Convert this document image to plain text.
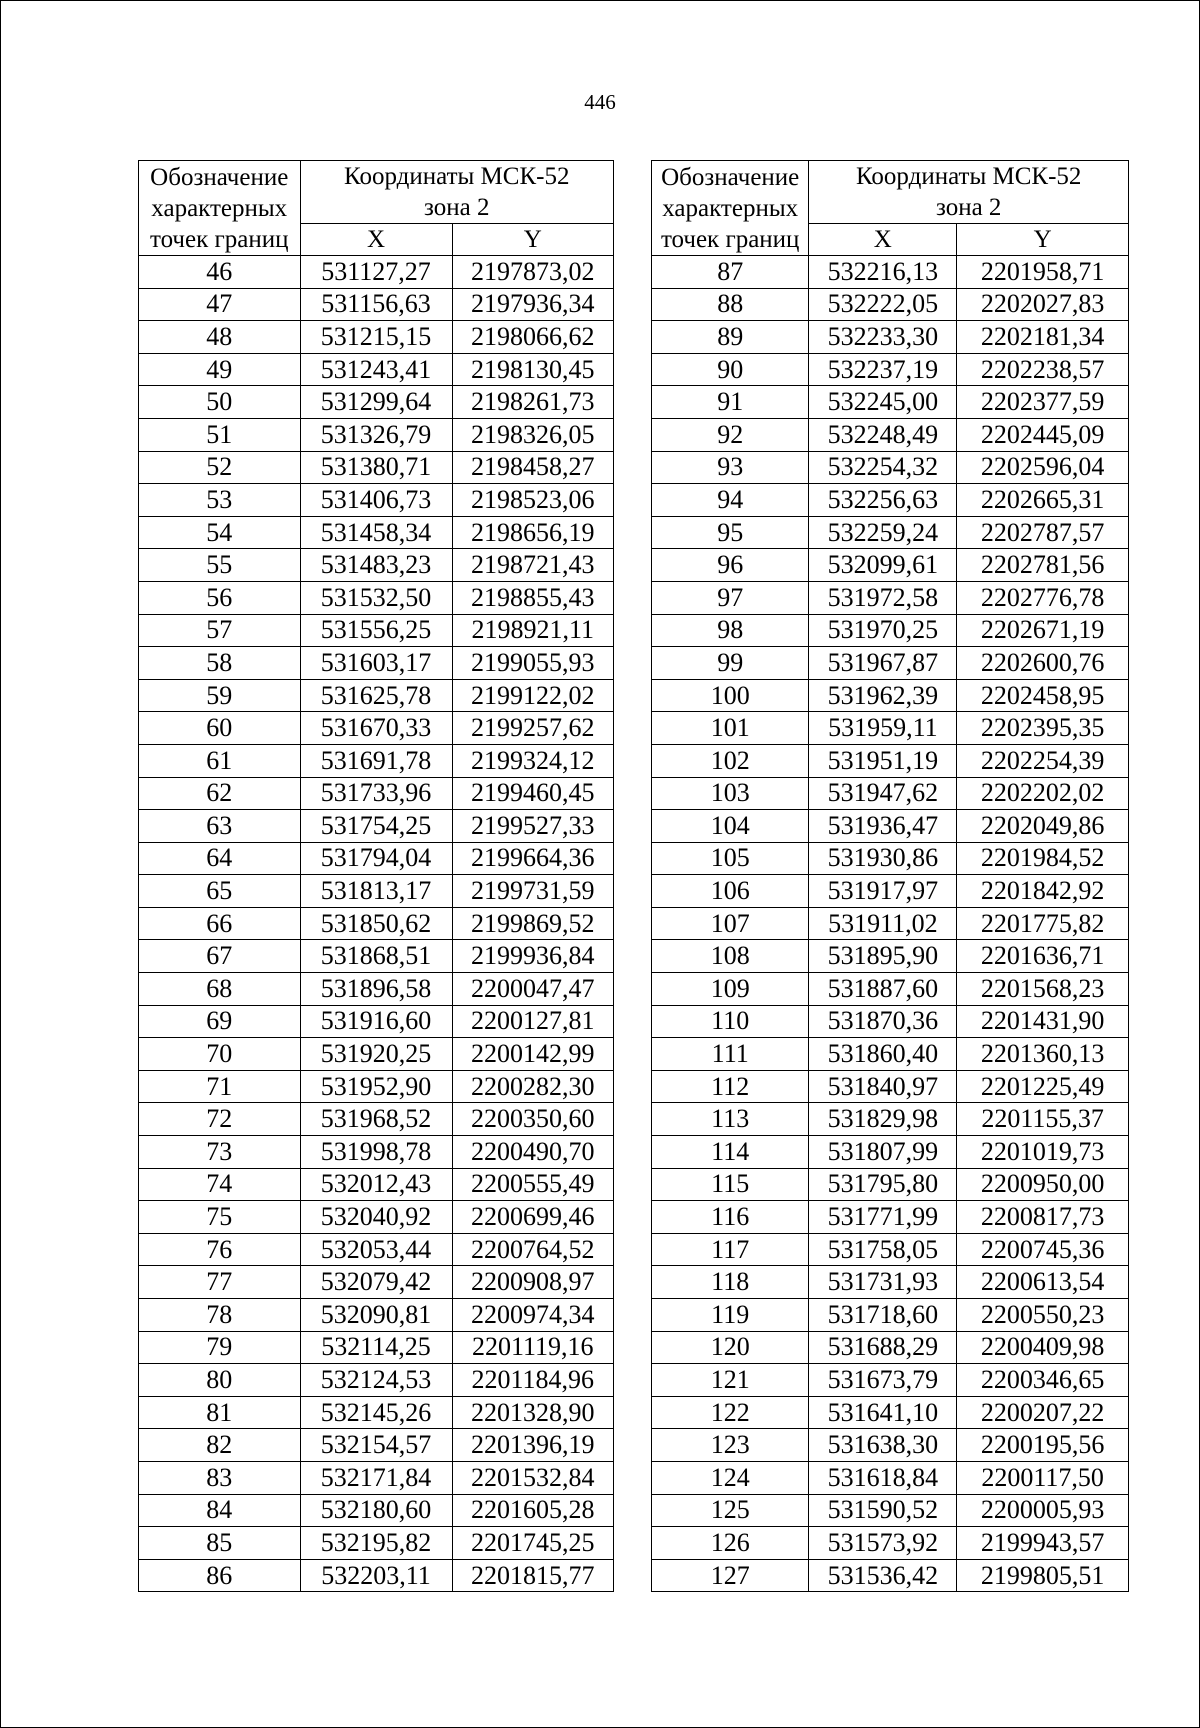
446
Обозначение
характерных
точек границ	Координаты МСК-52
зона 2	

	X	Y
46	531127,27	2197873,02
47	531156,63	2197936,34
48	531215,15	2198066,62
49	531243,41	2198130,45
50	531299,64	2198261,73
51	531326,79	2198326,05
52	531380,71	2198458,27
53	531406,73	2198523,06
54	531458,34	2198656,19
55	531483,23	2198721,43
56	531532,50	2198855,43
57	531556,25	2198921,11
58	531603,17	2199055,93
59	531625,78	2199122,02
60	531670,33	2199257,62
61	531691,78	2199324,12
62	531733,96	2199460,45
63	531754,25	2199527,33
64	531794,04	2199664,36
65	531813,17	2199731,59
66	531850,62	2199869,52
67	531868,51	2199936,84
68	531896,58	2200047,47
69	531916,60	2200127,81
70	531920,25	2200142,99
71	531952,90	2200282,30
72	531968,52	2200350,60
73	531998,78	2200490,70
74	532012,43	2200555,49
75	532040,92	2200699,46
76	532053,44	2200764,52
77	532079,42	2200908,97
78	532090,81	2200974,34
79	532114,25	2201119,16
80	532124,53	2201184,96
81	532145,26	2201328,90
82	532154,57	2201396,19
83	532171,84	2201532,84
84	532180,60	2201605,28
85	532195,82	2201745,25
86	532203,11	2201815,77
Обозначение
характерных
точек границ	Координаты МСК-52
зона 2	

	X	Y
87	532216,13	2201958,71
88	532222,05	2202027,83
89	532233,30	2202181,34
90	532237,19	2202238,57
91	532245,00	2202377,59
92	532248,49	2202445,09
93	532254,32	2202596,04
94	532256,63	2202665,31
95	532259,24	2202787,57
96	532099,61	2202781,56
97	531972,58	2202776,78
98	531970,25	2202671,19
99	531967,87	2202600,76
100	531962,39	2202458,95
101	531959,11	2202395,35
102	531951,19	2202254,39
103	531947,62	2202202,02
104	531936,47	2202049,86
105	531930,86	2201984,52
106	531917,97	2201842,92
107	531911,02	2201775,82
108	531895,90	2201636,71
109	531887,60	2201568,23
110	531870,36	2201431,90
111	531860,40	2201360,13
112	531840,97	2201225,49
113	531829,98	2201155,37
114	531807,99	2201019,73
115	531795,80	2200950,00
116	531771,99	2200817,73
117	531758,05	2200745,36
118	531731,93	2200613,54
119	531718,60	2200550,23
120	531688,29	2200409,98
121	531673,79	2200346,65
122	531641,10	2200207,22
123	531638,30	2200195,56
124	531618,84	2200117,50
125	531590,52	2200005,93
126	531573,92	2199943,57
127	531536,42	2199805,51
